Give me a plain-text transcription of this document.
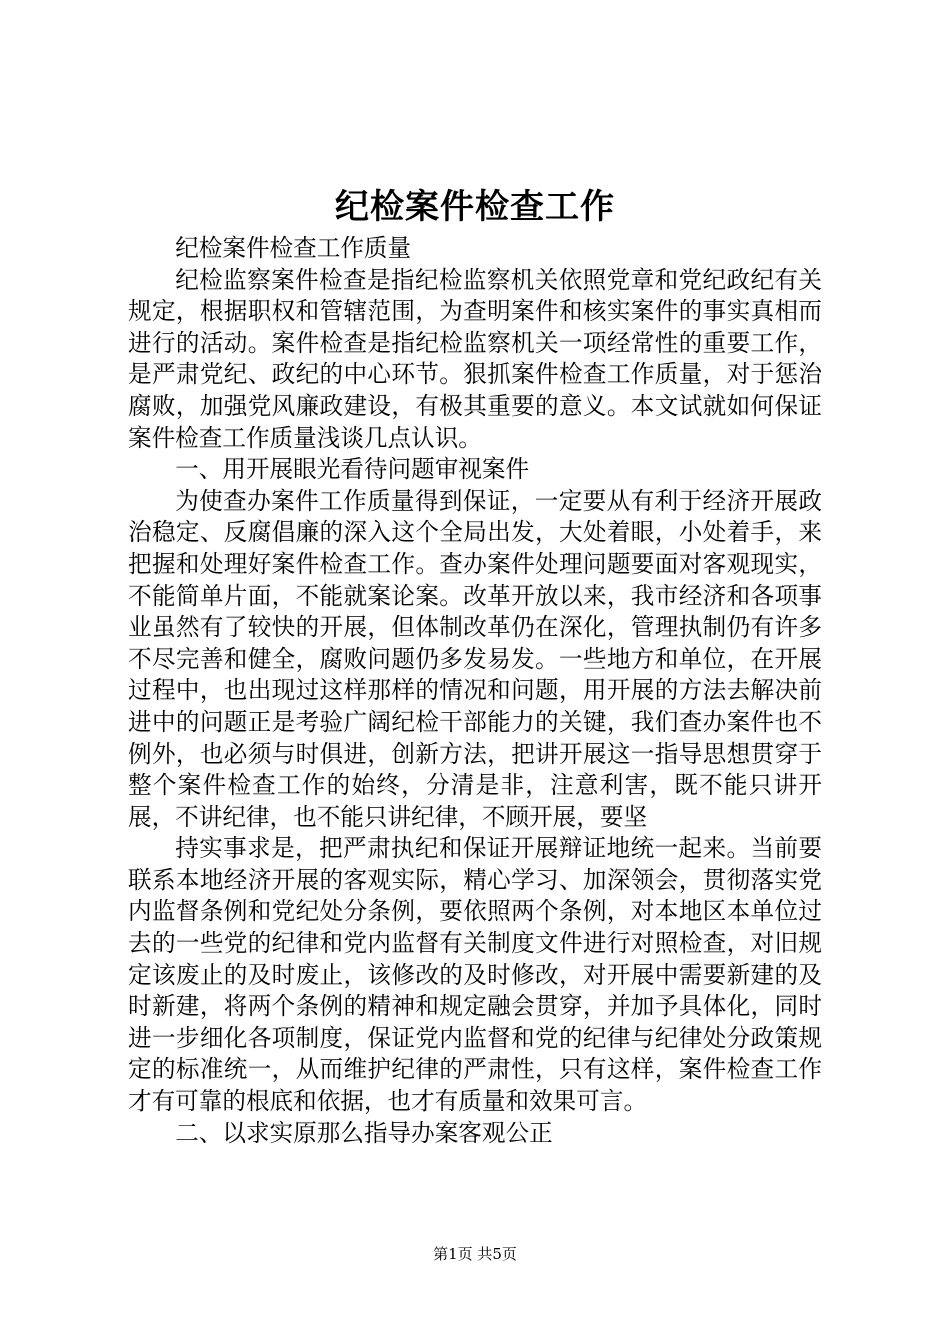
纪检案件检查工作

纪检案件检查工作质量

纪检监察案件检查是指纪检监察机关依照党章和党纪政纪有关规定，根据职权和管辖范围，为查明案件和核实案件的事实真相而进行的活动。案件检查是指纪检监察机关一项经常性的重要工作，是严肃党纪、政纪的中心环节。狠抓案件检查工作质量，对于惩治腐败，加强党风廉政建设，有极其重要的意义。本文试就如何保证案件检查工作质量浅谈几点认识。

一、用开展眼光看待问题审视案件

为使查办案件工作质量得到保证，一定要从有利于经济开展政治稳定、反腐倡廉的深入这个全局出发，大处着眼，小处着手，来把握和处理好案件检查工作。查办案件处理问题要面对客观现实，不能简单片面，不能就案论案。改革开放以来，我市经济和各项事业虽然有了较快的开展，但体制改革仍在深化，管理执制仍有许多不尽完善和健全，腐败问题仍多发易发。一些地方和单位，在开展过程中，也出现过这样那样的情况和问题，用开展的方法去解决前进中的问题正是考验广阔纪检干部能力的关键，我们查办案件也不例外，也必须与时俱进，创新方法，把讲开展这一指导思想贯穿于整个案件检查工作的始终，分清是非，注意利害，既不能只讲开展，不讲纪律，也不能只讲纪律，不顾开展，要坚

持实事求是，把严肃执纪和保证开展辩证地统一起来。当前要联系本地经济开展的客观实际，精心学习、加深领会，贯彻落实党内监督条例和党纪处分条例，要依照两个条例，对本地区本单位过去的一些党的纪律和党内监督有关制度文件进行对照检查，对旧规定该废止的及时废止，该修改的及时修改，对开展中需要新建的及时新建，将两个条例的精神和规定融会贯穿，并加予具体化，同时进一步细化各项制度，保证党内监督和党的纪律与纪律处分政策规定的标准统一，从而维护纪律的严肃性，只有这样，案件检查工作才有可靠的根底和依据，也才有质量和效果可言。

二、以求实原那么指导办案客观公正

第1页 共5页
